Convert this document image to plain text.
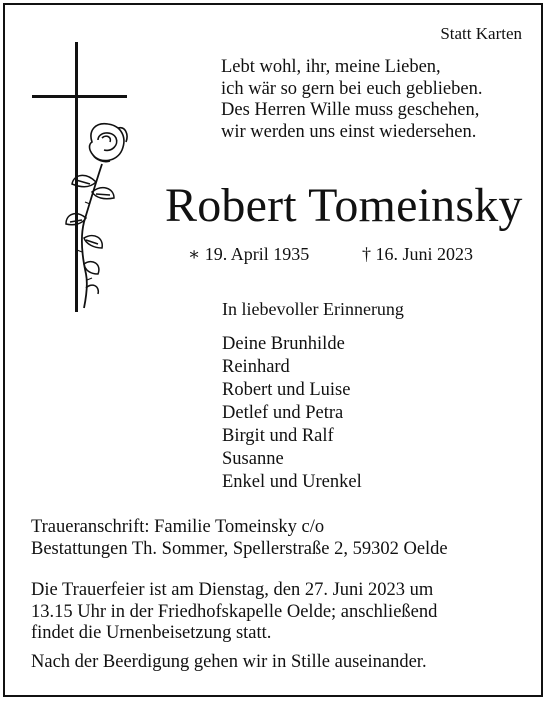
Statt Karten
Lebt wohl, ihr, meine Lieben,
ich wär so gern bei euch geblieben.
Des Herren Wille muss geschehen,
wir werden uns einst wiedersehen.
Robert Tomeinsky
∗ 19. April 1935	† 16. Juni 2023
In liebevoller Erinnerung
Deine Brunhilde
Reinhard
Robert und Luise
Detlef und Petra
Birgit und Ralf
Susanne
Enkel und Urenkel
Traueranschrift: Familie Tomeinsky c/o
Bestattungen Th. Sommer, Spellerstraße 2, 59302 Oelde
Die Trauerfeier ist am Dienstag, den 27. Juni 2023 um
13.15 Uhr in der Friedhofskapelle Oelde; anschließend
findet die Urnenbeisetzung statt.
Nach der Beerdigung gehen wir in Stille auseinander.
